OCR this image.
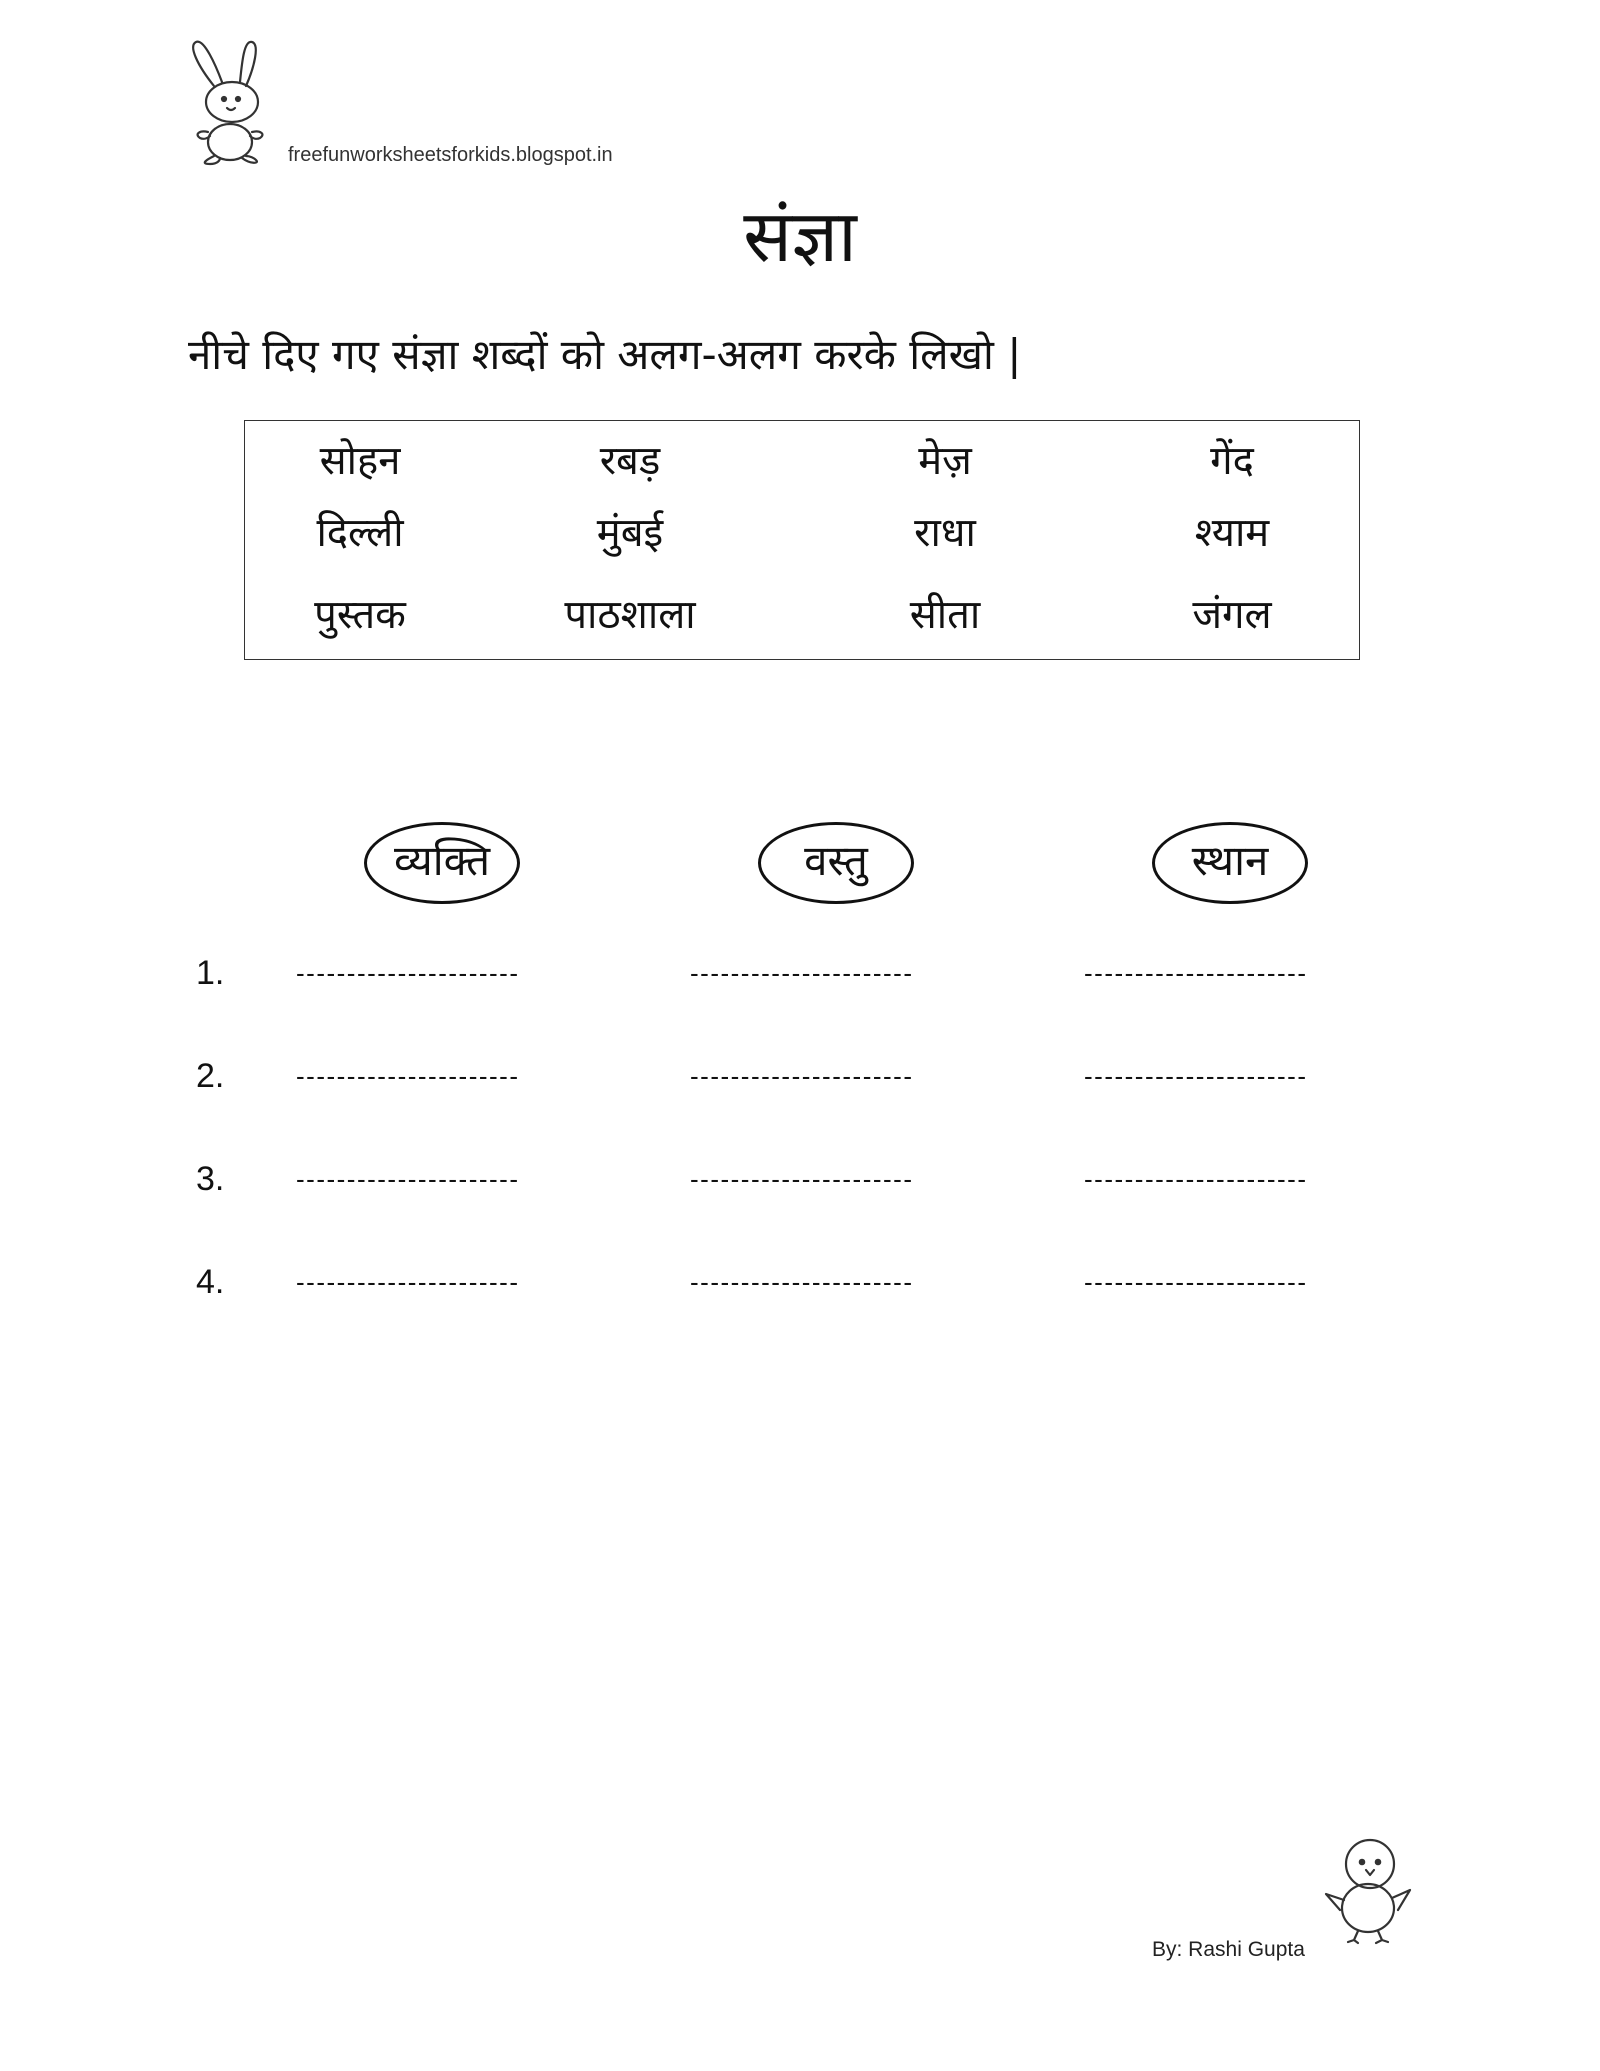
freefunworksheetsforkids.blogspot.in
संज्ञा
नीचे दिए गए संज्ञा शब्दों को अलग-अलग करके लिखो |
सोहन	रबड़	मेज़	गेंद
दिल्ली	मुंबई	राधा	श्याम
पुस्तक	पाठशाला	सीता	जंगल
व्यक्ति	वस्तु	स्थान
1.	----------------------	----------------------	----------------------
2.	----------------------	----------------------	----------------------
3.	----------------------	----------------------	----------------------
4.	----------------------	----------------------	----------------------
By: Rashi Gupta
